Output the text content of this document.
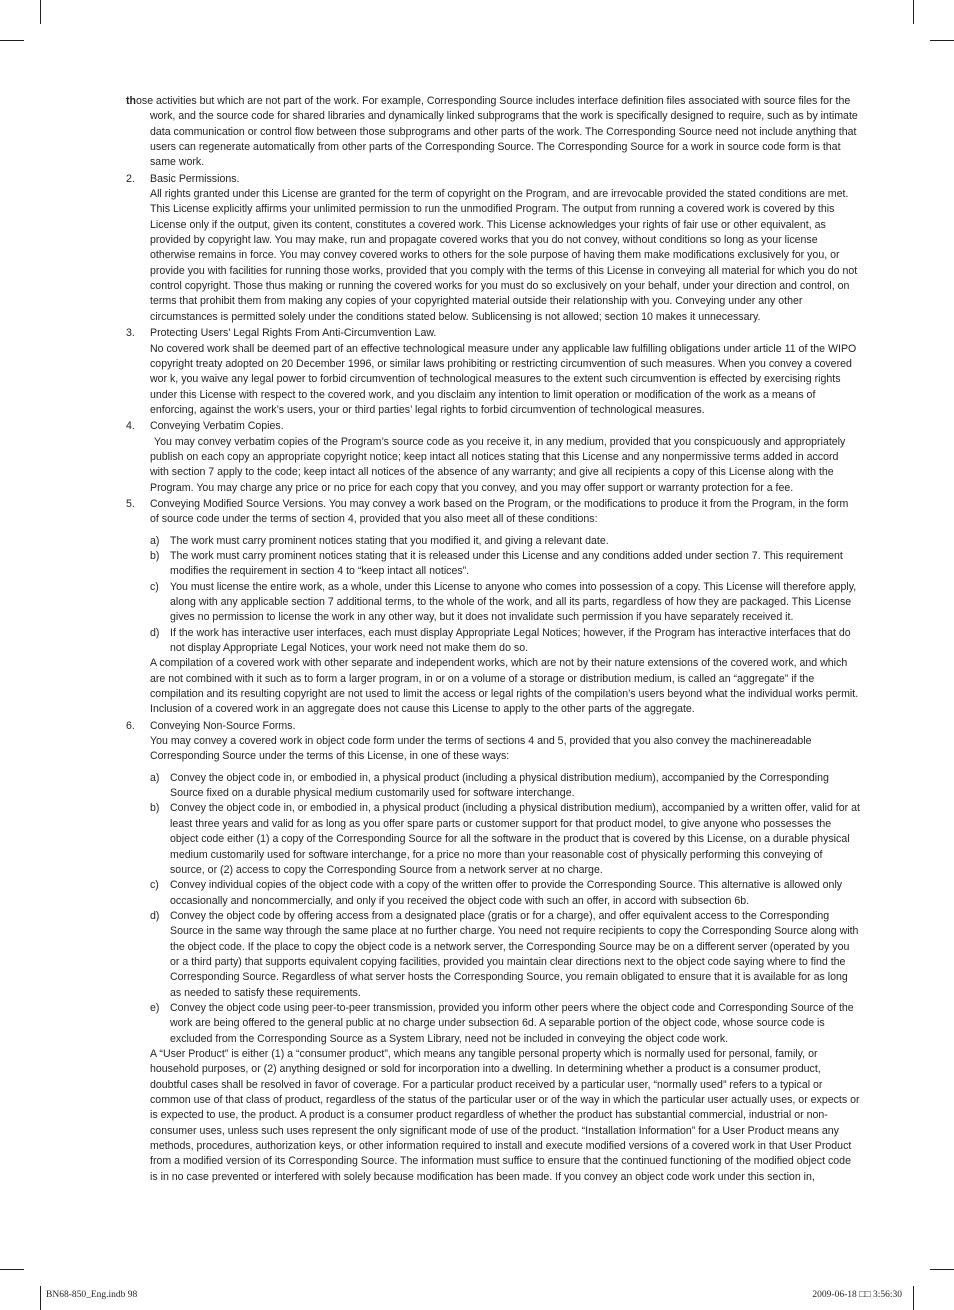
those activities but which are not part of the work. For example, Corresponding Source includes interface definition files associated with source files for the work, and the source code for shared libraries and dynamically linked subprograms that the work is specifically designed to require, such as by intimate data communication or control flow between those subprograms and other parts of the work. The Corresponding Source need not include anything that users can regenerate automatically from other parts of the Corresponding Source. The Corresponding Source for a work in source code form is that same work.

2.	Basic Permissions.

All rights granted under this License are granted for the term of copyright on the Program, and are irrevocable provided the stated conditions are met. This License explicitly affirms your unlimited permission to run the unmodified Program. The output from running a covered work is covered by this License only if the output, given its content, constitutes a covered work. This License acknowledges your rights of fair use or other equivalent, as provided by copyright law. You may make, run and propagate covered works that you do not convey, without conditions so long as your license otherwise remains in force. You may convey covered works to others for the sole purpose of having them make modifications exclusively for you, or provide you with facilities for running those works, provided that you comply with the terms of this License in conveying all material for which you do not control copyright. Those thus making or running the covered works for you must do so exclusively on your behalf, under your direction and control, on terms that prohibit them from making any copies of your copyrighted material outside their relationship with you. Conveying under any other circumstances is permitted solely under the conditions stated below. Sublicensing is not allowed; section 10 makes it unnecessary.

3.	Protecting Users’ Legal Rights From Anti-Circumvention Law.

No covered work shall be deemed part of an effective technological measure under any applicable law fulfilling obligations under article 11 of the WIPO copyright treaty adopted on 20 December 1996, or similar laws prohibiting or restricting circumvention of such measures. When you convey a covered wor k, you waive any legal power to forbid circumvention of technological measures to the extent such circumvention is effected by exercising rights under this License with respect to the covered work, and you disclaim any intention to limit operation or modification of the work as a means of enforcing, against the work’s users, your or third parties’ legal rights to forbid circumvention of technological measures.

4.	Conveying Verbatim Copies.

You may convey verbatim copies of the Program’s source code as you receive it, in any medium, provided that you conspicuously and appropriately publish on each copy an appropriate copyright notice; keep intact all notices stating that this License and any nonpermissive terms added in accord with section 7 apply to the code; keep intact all notices of the absence of any warranty; and give all recipients a copy of this License along with the Program. You may charge any price or no price for each copy that you convey, and you may offer support or warranty protection for a fee.

5.	Conveying Modified Source Versions. You may convey a work based on the Program, or the modifications to produce it from the Program, in the form of source code under the terms of section 4, provided that you also meet all of these conditions:

a) The work must carry prominent notices stating that you modified it, and giving a relevant date.
b) The work must carry prominent notices stating that it is released under this License and any conditions added under section 7. This requirement modifies the requirement in section 4 to “keep intact all notices”.
c) You must license the entire work, as a whole, under this License to anyone who comes into possession of a copy. This License will therefore apply, along with any applicable section 7 additional terms, to the whole of the work, and all its parts, regardless of how they are packaged. This License gives no permission to license the work in any other way, but it does not invalidate such permission if you have separately received it.
d) If the work has interactive user interfaces, each must display Appropriate Legal Notices; however, if the Program has interactive interfaces that do not display Appropriate Legal Notices, your work need not make them do so.

A compilation of a covered work with other separate and independent works, which are not by their nature extensions of the covered work, and which are not combined with it such as to form a larger program, in or on a volume of a storage or distribution medium, is called an “aggregate” if the compilation and its resulting copyright are not used to limit the access or legal rights of the compilation’s users beyond what the individual works permit. Inclusion of a covered work in an aggregate does not cause this License to apply to the other parts of the aggregate.

6.	Conveying Non-Source Forms.

You may convey a covered work in object code form under the terms of sections 4 and 5, provided that you also convey the machinereadable Corresponding Source under the terms of this License, in one of these ways:

a) Convey the object code in, or embodied in, a physical product (including a physical distribution medium), accompanied by the Corresponding Source fixed on a durable physical medium customarily used for software interchange.
b) Convey the object code in, or embodied in, a physical product (including a physical distribution medium), accompanied by a written offer, valid for at least three years and valid for as long as you offer spare parts or customer support for that product model, to give anyone who possesses the object code either (1) a copy of the Corresponding Source for all the software in the product that is covered by this License, on a durable physical medium customarily used for software interchange, for a price no more than your reasonable cost of physically performing this conveying of source, or (2) access to copy the Corresponding Source from a network server at no charge.
c) Convey individual copies of the object code with a copy of the written offer to provide the Corresponding Source. This alternative is allowed only occasionally and noncommercially, and only if you received the object code with such an offer, in accord with subsection 6b.
d) Convey the object code by offering access from a designated place (gratis or for a charge), and offer equivalent access to the Corresponding Source in the same way through the same place at no further charge. You need not require recipients to copy the Corresponding Source along with the object code. If the place to copy the object code is a network server, the Corresponding Source may be on a different server (operated by you or a third party) that supports equivalent copying facilities, provided you maintain clear directions next to the object code saying where to find the Corresponding Source. Regardless of what server hosts the Corresponding Source, you remain obligated to ensure that it is available for as long as needed to satisfy these requirements.
e) Convey the object code using peer-to-peer transmission, provided you inform other peers where the object code and Corresponding Source of the work are being offered to the general public at no charge under subsection 6d. A separable portion of the object code, whose source code is excluded from the Corresponding Source as a System Library, need not be included in conveying the object code work.

A “User Product” is either (1) a “consumer product”, which means any tangible personal property which is normally used for personal, family, or household purposes, or (2) anything designed or sold for incorporation into a dwelling. In determining whether a product is a consumer product, doubtful cases shall be resolved in favor of coverage. For a particular product received by a particular user, “normally used” refers to a typical or common use of that class of product, regardless of the status of the particular user or of the way in which the particular user actually uses, or expects or is expected to use, the product. A product is a consumer product regardless of whether the product has substantial commercial, industrial or non-consumer uses, unless such uses represent the only significant mode of use of the product. “Installation Information” for a User Product means any methods, procedures, authorization keys, or other information required to install and execute modified versions of a covered work in that User Product from a modified version of its Corresponding Source. The information must suffice to ensure that the continued functioning of the modified object code is in no case prevented or interfered with solely because modification has been made. If you convey an object code work under this section in,

BN68-850_Eng.indb 98	2009-06-18 □□ 3:56:30
